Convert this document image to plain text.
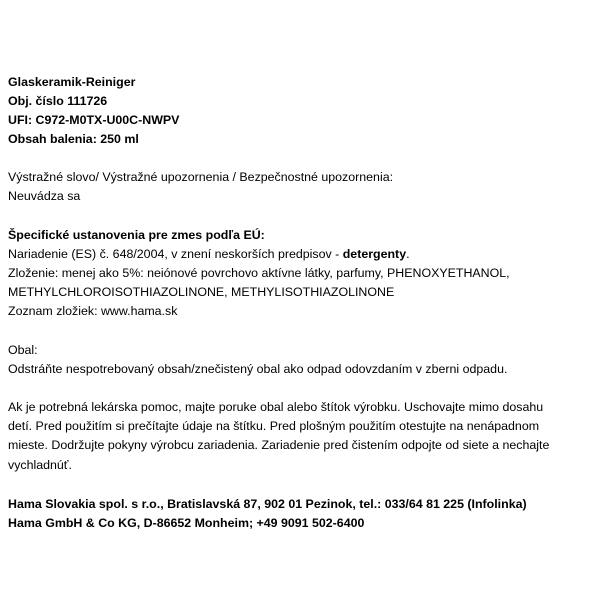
Glaskeramik-Reiniger
Obj. číslo 111726
UFI: C972-M0TX-U00C-NWPV
Obsah balenia: 250 ml
Výstražné slovo/ Výstražné upozornenia / Bezpečnostné upozornenia:
Neuvádza sa
Špecifické ustanovenia pre zmes podľa EÚ:
Nariadenie (ES) č. 648/2004, v znení neskorších predpisov - detergenty.
Zloženie: menej ako 5%: neiónové povrchovo aktívne látky, parfumy, PHENOXYETHANOL,
METHYLCHLOROISOTHIAZOLINONE, METHYLISOTHIAZOLINONE
Zoznam zložiek: www.hama.sk
Obal:
Odstráňte nespotrebovaný obsah/znečistený obal ako odpad odovzdaním v zberni odpadu.
Ak je potrebná lekárska pomoc, majte poruke obal alebo štítok výrobku. Uschovajte mimo dosahu
detí. Pred použitím si prečítajte údaje na štítku. Pred plošným použitím otestujte na nenápadnom
mieste. Dodržujte pokyny výrobcu zariadenia. Zariadenie pred čistením odpojte od siete a nechajte
vychladnúť.
Hama Slovakia spol. s r.o., Bratislavská 87, 902 01 Pezinok, tel.: 033/64 81 225 (Infolinka)
Hama GmbH & Co KG, D-86652 Monheim; +49 9091 502-6400
